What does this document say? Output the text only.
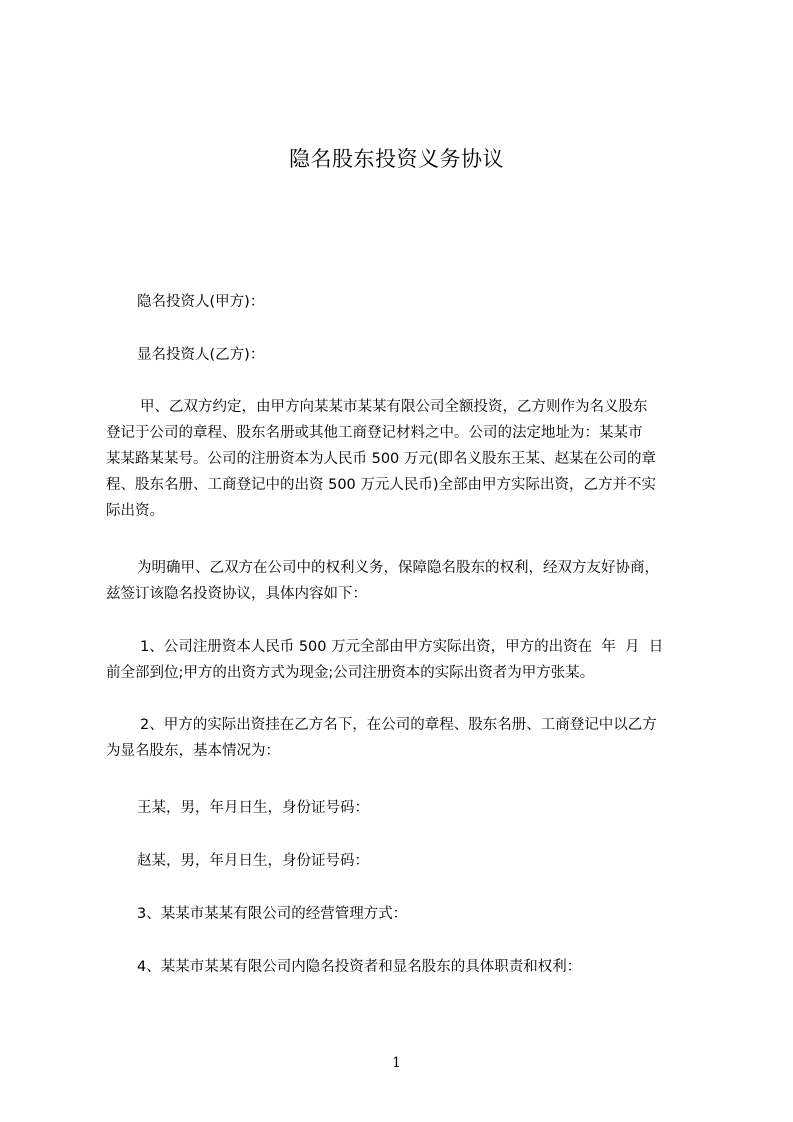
隐名股东投资义务协议
隐名投资人(甲方)：
显名投资人(乙方)：
甲、乙双方约定，由甲方向某某市某某有限公司全额投资，乙方则作为名义股东
登记于公司的章程、股东名册或其他工商登记材料之中。公司的法定地址为：某某市
某某路某某号。公司的注册资本为人民币 500 万元(即名义股东王某、赵某在公司的章
程、股东名册、工商登记中的出资 500 万元人民币)全部由甲方实际出资，乙方并不实
际出资。
为明确甲、乙双方在公司中的权利义务，保障隐名股东的权利，经双方友好协商，
兹签订该隐名投资协议，具体内容如下：
1、公司注册资本人民币 500 万元全部由甲方实际出资，甲方的出资在  年  月  日
前全部到位;甲方的出资方式为现金;公司注册资本的实际出资者为甲方张某。
2、甲方的实际出资挂在乙方名下，在公司的章程、股东名册、工商登记中以乙方
为显名股东，基本情况为：
王某，男，年月日生，身份证号码：
赵某，男，年月日生，身份证号码：
3、某某市某某有限公司的经营管理方式：
4、某某市某某有限公司内隐名投资者和显名股东的具体职责和权利：
1
